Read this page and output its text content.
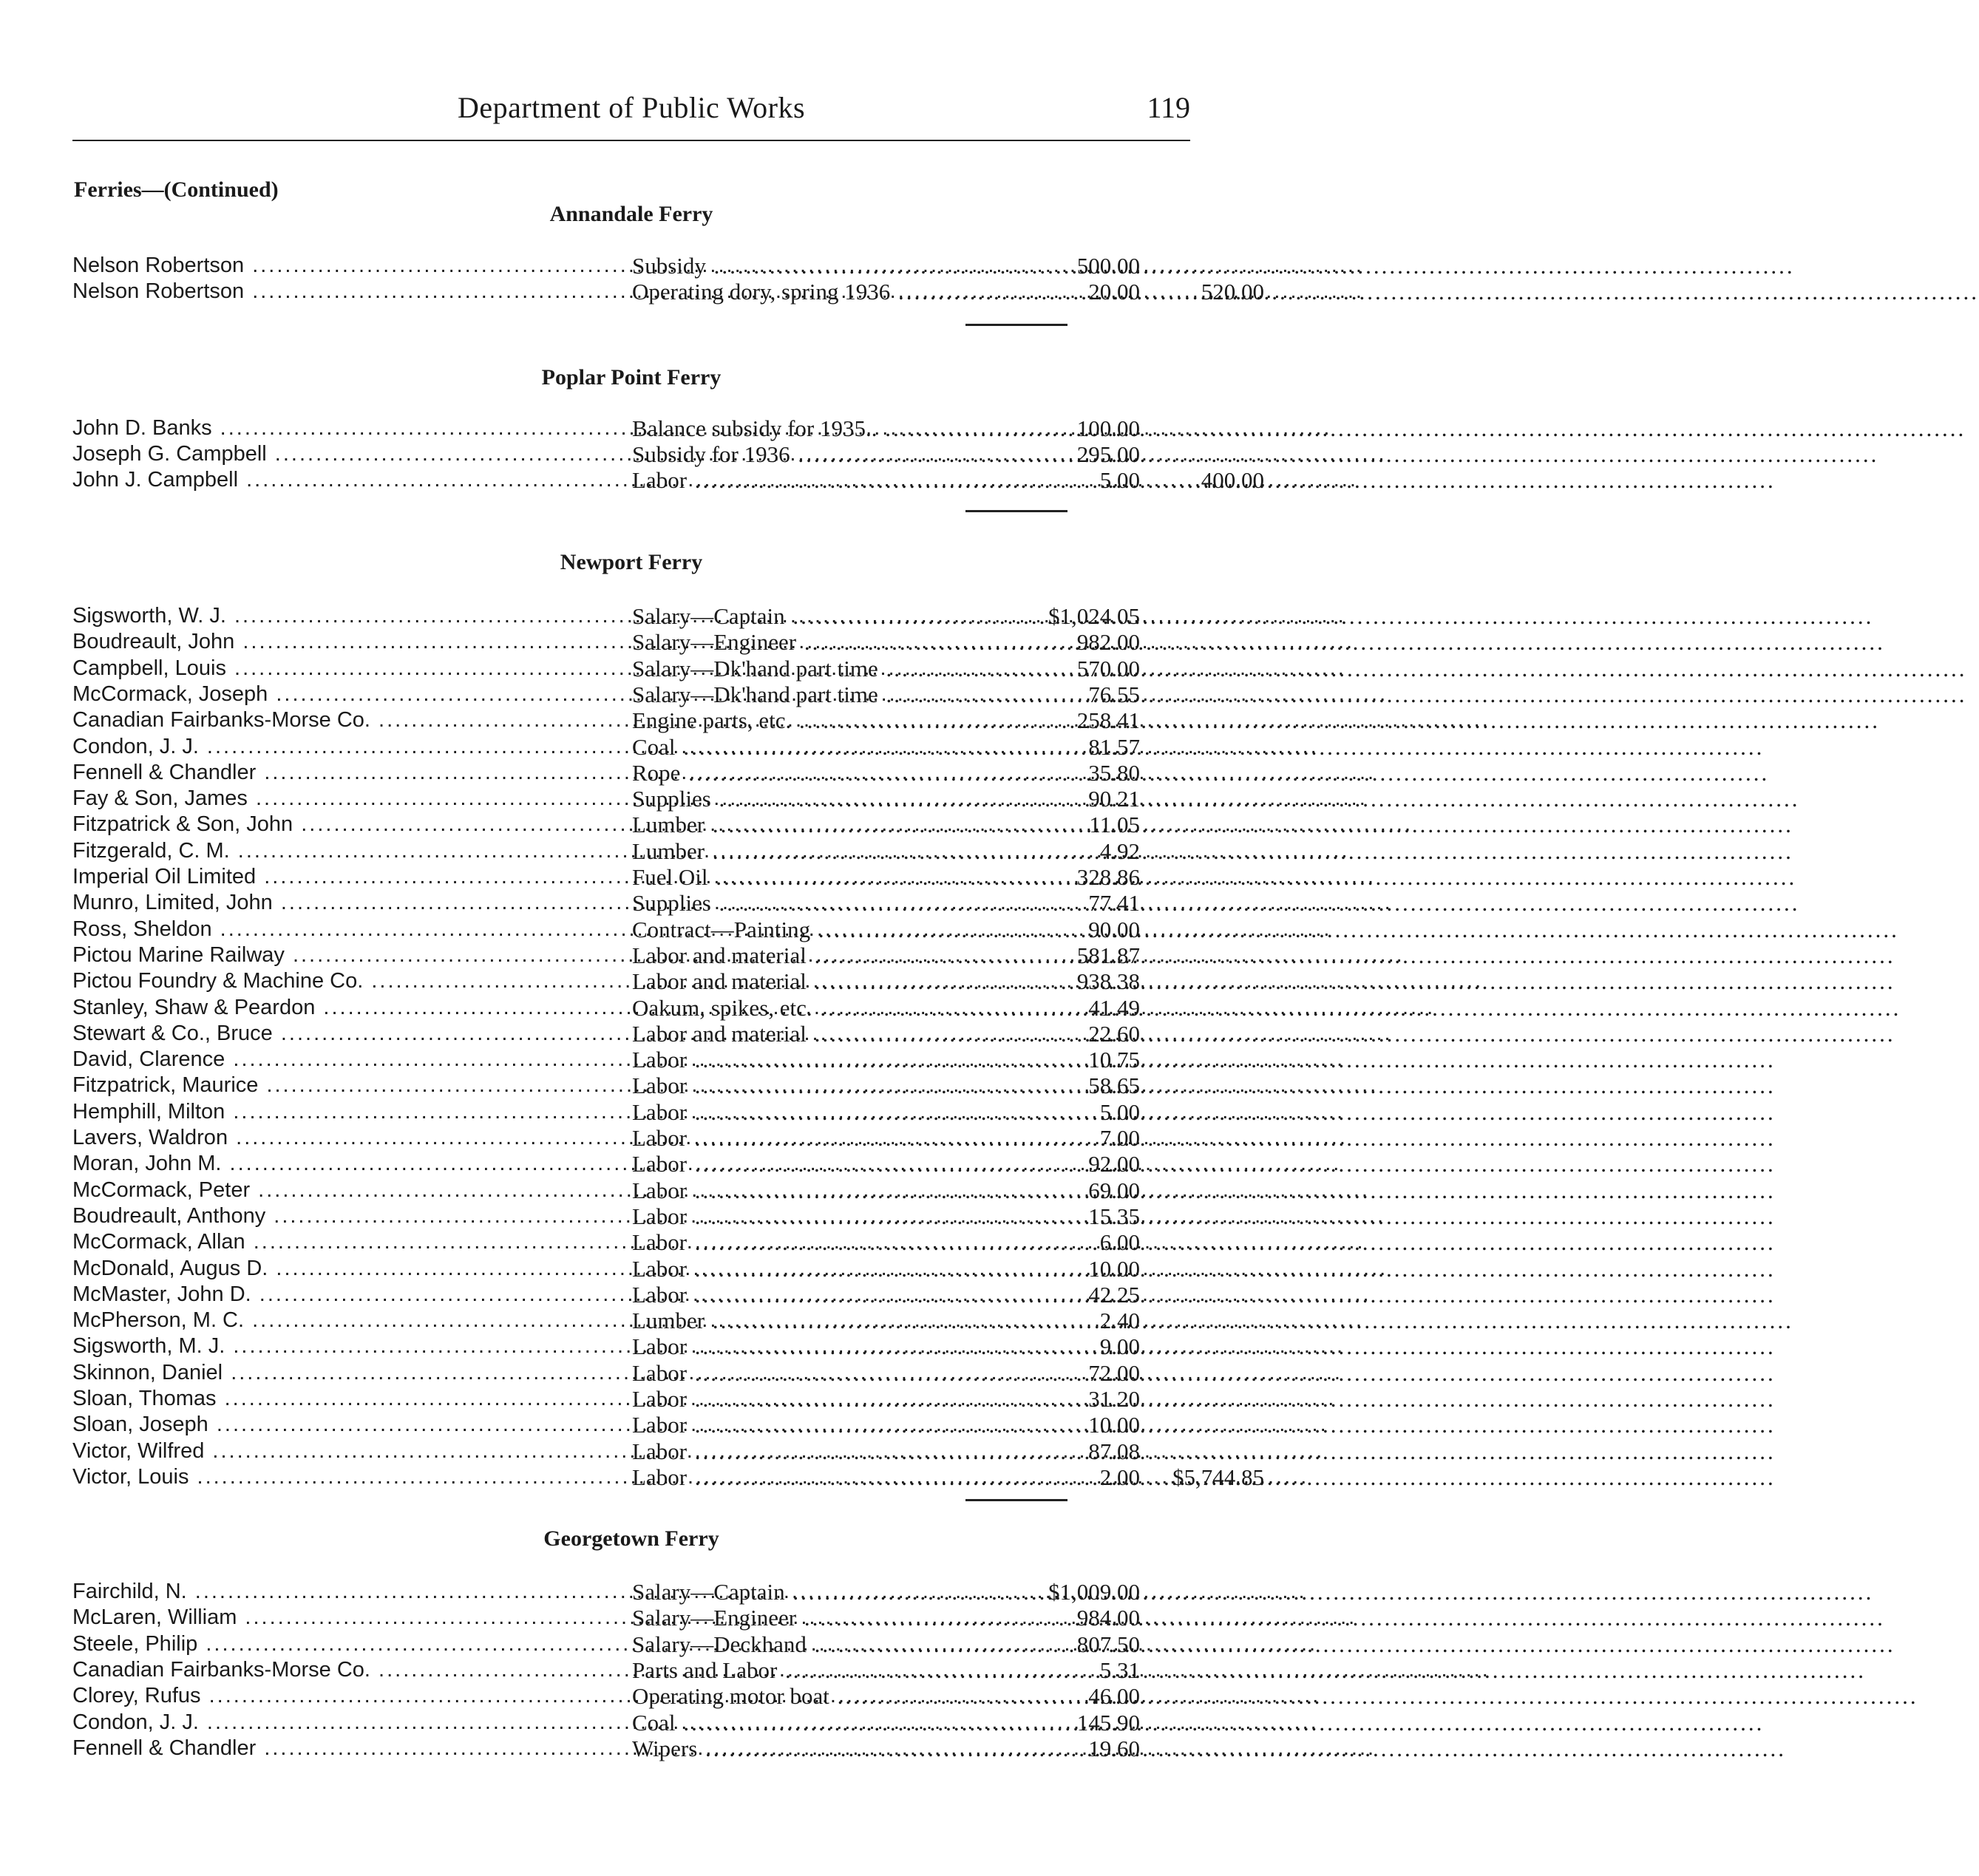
Department of Public Works	119
Ferries—(Continued)
Annandale Ferry
Nelson Robertson .....	Subsidy .....	500.00
Nelson Robertson .....	Operating dory, spring 1936 .....	20.00	520.00
Poplar Point Ferry
John D. Banks .....	Balance subsidy for 1935.. .....	100.00
Joseph G. Campbell .....	Subsidy for 1936 .....	295.00
John J. Campbell .....	Labor .....	5.00	400.00
Newport Ferry
Sigsworth, W. J. .....	Salary—Captain .....	$1,024.05
Boudreault, John .....	Salary—Engineer .....	982.00
Campbell, Louis .....	Salary—Dk'hand part time .....	570.00
McCormack, Joseph .....	Salary—Dk'hand part time .....	76.55
Canadian Fairbanks-Morse Co. .....	Engine parts, etc. .....	258.41
Condon, J. J. .....	Coal .....	81.57
Fennell & Chandler .....	Rope .....	35.80
Fay & Son, James .....	Supplies .....	90.21
Fitzpatrick & Son, John .....	Lumber .....	11.05
Fitzgerald, C. M. .....	Lumber .....	4.92
Imperial Oil Limited .....	Fuel Oil .....	328.86
Munro, Limited, John .....	Supplies .....	77.41
Ross, Sheldon .....	Contract—Painting .....	90.00
Pictou Marine Railway .....	Labor and material .....	581.87
Pictou Foundry & Machine Co. .....	Labor and material .....	938.38
Stanley, Shaw & Peardon .....	Oakum, spikes, etc. .....	41.49
Stewart & Co., Bruce .....	Labor and material .....	22.60
David, Clarence .....	Labor .....	10.75
Fitzpatrick, Maurice .....	Labor .....	58.65
Hemphill, Milton .....	Labor .....	5.00
Lavers, Waldron .....	Labor .....	7.00
Moran, John M. .....	Labor .....	92.00
McCormack, Peter .....	Labor .....	69.00
Boudreault, Anthony .....	Labor .....	15.35
McCormack, Allan .....	Labor .....	6.00
McDonald, Augus D. .....	Labor .....	10.00
McMaster, John D. .....	Labor .....	42.25
McPherson, M. C. .....	Lumber .....	2.40
Sigsworth, M. J. .....	Labor .....	9.00
Skinnon, Daniel .....	Labor .....	72.00
Sloan, Thomas .....	Labor .....	31.20
Sloan, Joseph .....	Labor .....	10.00
Victor, Wilfred .....	Labor .....	87.08
Victor, Louis .....	Labor .....	2.00	$5,744.85
Georgetown Ferry
Fairchild, N. .....	Salary—Captain .....	$1,009.00
McLaren, William .....	Salary—Engineer .....	984.00
Steele, Philip .....	Salary—Deckhand .....	807.50
Canadian Fairbanks-Morse Co. .....	Parts and Labor .....	5.31
Clorey, Rufus .....	Operating motor boat .....	46.00
Condon, J. J. .....	Coal .....	145.90
Fennell & Chandler .....	Wipers .....	19.60
